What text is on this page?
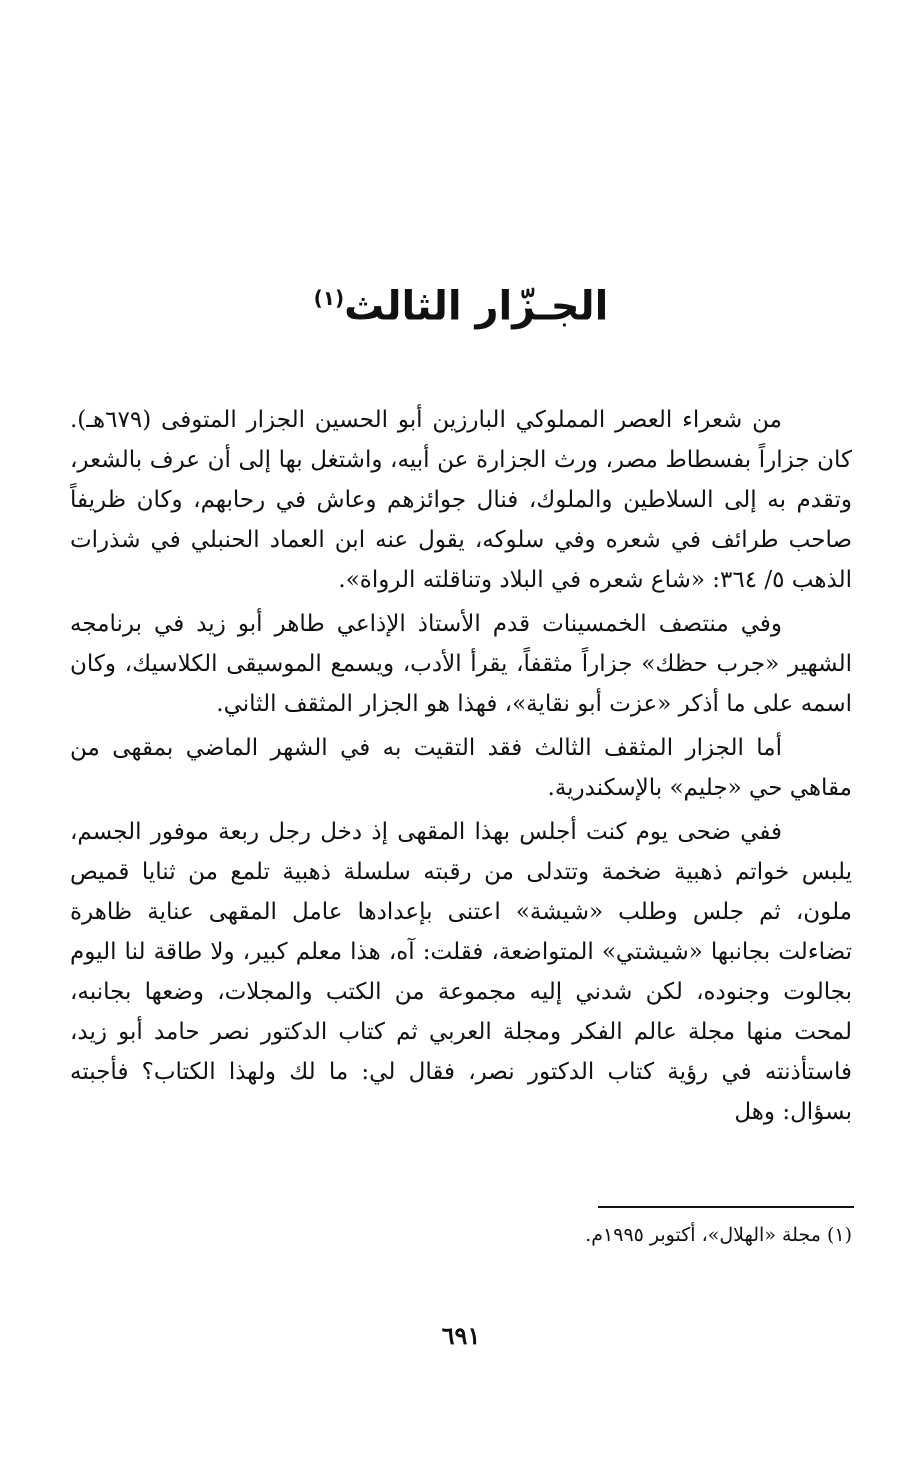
الجـزّار الثالث$^{(١)}$

من شعراء العصر المملوكي البارزين أبو الحسين الجزار المتوفى (٦٧٩هـ). كان جزاراً بفسطاط مصر، ورث الجزارة عن أبيه، واشتغل بها إلى أن عرف بالشعر، وتقدم به إلى السلاطين والملوك، فنال جوائزهم وعاش في رحابهم، وكان ظريفاً صاحب طرائف في شعره وفي سلوكه، يقول عنه ابن العماد الحنبلي في شذرات الذهب ٥/ ٣٦٤: «شاع شعره في البلاد وتناقلته الرواة».

وفي منتصف الخمسينات قدم الأستاذ الإذاعي طاهر أبو زيد في برنامجه الشهير «جرب حظك» جزاراً مثقفاً، يقرأ الأدب، ويسمع الموسيقى الكلاسيك، وكان اسمه على ما أذكر «عزت أبو نقاية»، فهذا هو الجزار المثقف الثاني.

أما الجزار المثقف الثالث فقد التقيت به في الشهر الماضي بمقهى من مقاهي حي «جليم» بالإسكندرية.

ففي ضحى يوم كنت أجلس بهذا المقهى إذ دخل رجل ربعة موفور الجسم، يلبس خواتم ذهبية ضخمة وتتدلى من رقبته سلسلة ذهبية تلمع من ثنايا قميص ملون، ثم جلس وطلب «شيشة» اعتنى بإعدادها عامل المقهى عناية ظاهرة تضاءلت بجانبها «شيشتي» المتواضعة، فقلت: آه، هذا معلم كبير، ولا طاقة لنا اليوم بجالوت وجنوده، لكن شدني إليه مجموعة من الكتب والمجلات، وضعها بجانبه، لمحت منها مجلة عالم الفكر ومجلة العربي ثم كتاب الدكتور نصر حامد أبو زيد، فاستأذنته في رؤية كتاب الدكتور نصر، فقال لي: ما لك ولهذا الكتاب؟ فأجبته بسؤال: وهل

(١) مجلة «الهلال»، أكتوبر ١٩٩٥م.
٦٩١
